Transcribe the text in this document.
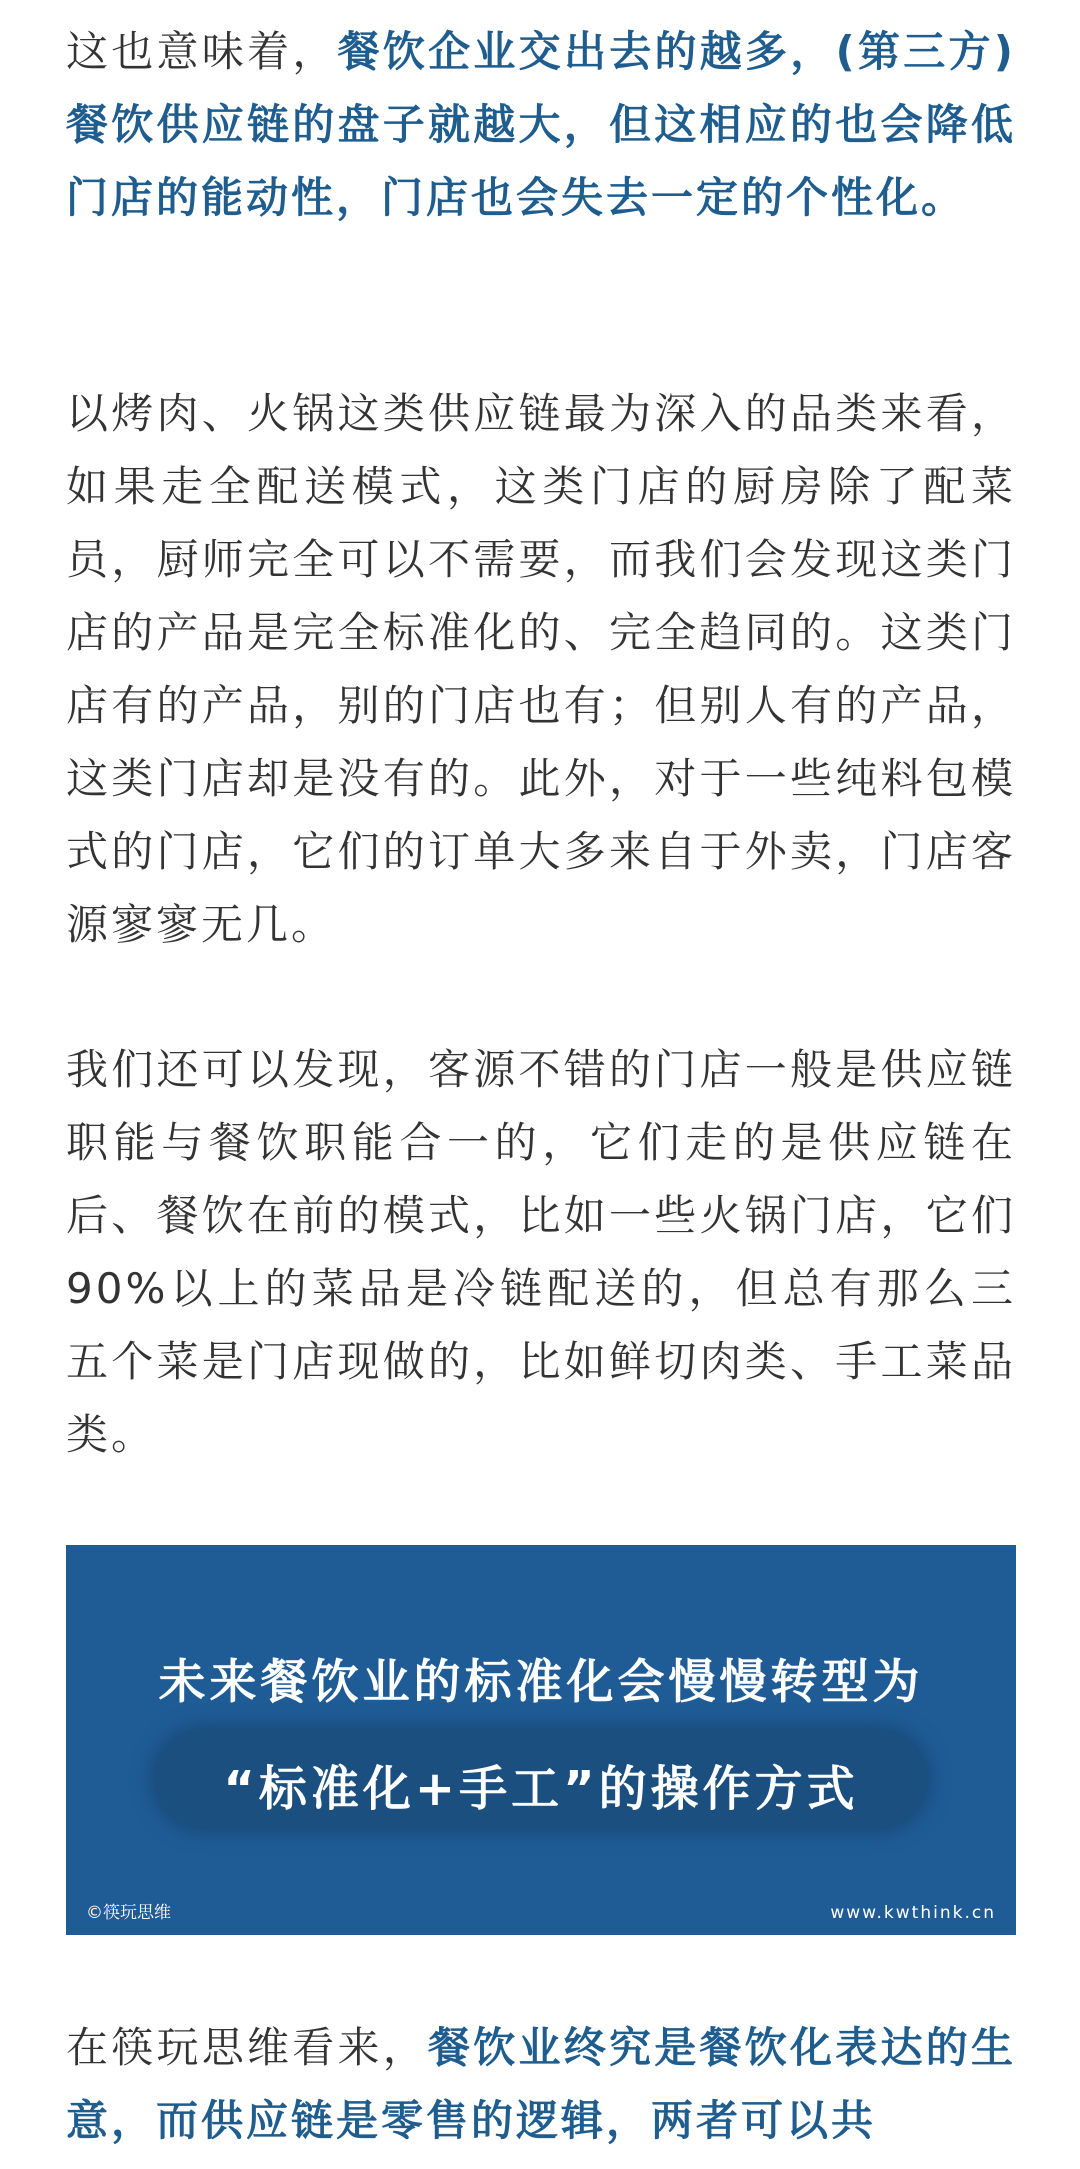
这也意味着，餐饮企业交出去的越多，(第三方)餐饮供应链的盘子就越大，但这相应的也会降低门店的能动性，门店也会失去一定的个性化。

以烤肉、火锅这类供应链最为深入的品类来看，如果走全配送模式，这类门店的厨房除了配菜员，厨师完全可以不需要，而我们会发现这类门店的产品是完全标准化的、完全趋同的。这类门店有的产品，别的门店也有；但别人有的产品，这类门店却是没有的。此外，对于一些纯料包模式的门店，它们的订单大多来自于外卖，门店客源寥寥无几。

我们还可以发现，客源不错的门店一般是供应链职能与餐饮职能合一的，它们走的是供应链在后、餐饮在前的模式，比如一些火锅门店，它们90%以上的菜品是冷链配送的，但总有那么三五个菜是门店现做的，比如鲜切肉类、手工菜品类。

在筷玩思维看来，餐饮业终究是餐饮化表达的生意，而供应链是零售的逻辑，两者可以共

未来餐饮业的标准化会慢慢转型为
“标准化+手工”的操作方式
©筷玩思维	www.kwthink.cn
